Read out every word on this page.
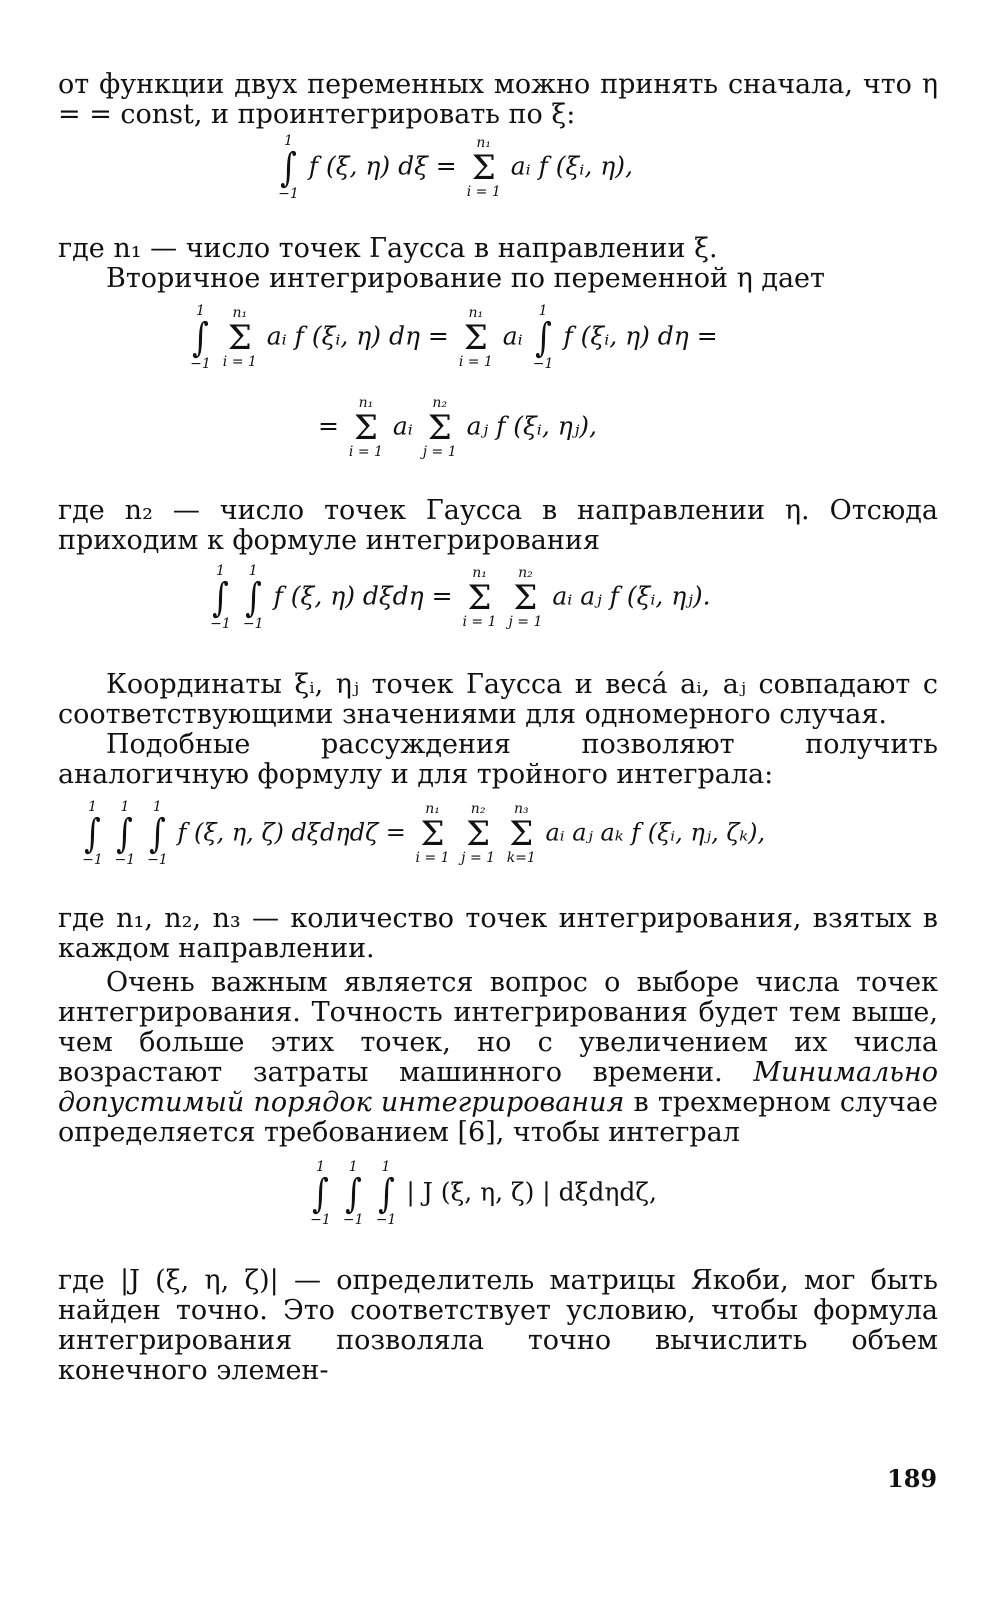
от функции двух переменных можно принять сначала, что η = = const, и проинтегрировать по ξ:

1
∫
−1
f (ξ, η) dξ =
n₁
Σ
i = 1
aᵢ f (ξᵢ, η),

где n₁ — число точек Гаусса в направлении ξ.

Вторичное интегрирование по переменной η дает

1
∫
−1

n₁
Σ
i = 1
aᵢ f (ξᵢ, η) dη =
n₁
Σ
i = 1
aᵢ
1
∫
−1
f (ξᵢ, η) dη =
=
n₁
Σ
i = 1
aᵢ
n₂
Σ
j = 1
aⱼ f (ξᵢ, ηⱼ),

где n₂ — число точек Гаусса в направлении η. Отсюда приходим к формуле интегрирования

1
∫
−1

1
∫
−1
f (ξ, η) dξdη =
n₁
Σ
i = 1

n₂
Σ
j = 1
aᵢ aⱼ f (ξᵢ, ηⱼ).

Координаты ξᵢ, ηⱼ точек Гаусса и весá aᵢ, aⱼ совпадают с соответствующими значениями для одномерного случая.

Подобные рассуждения позволяют получить аналогичную формулу и для тройного интеграла:

1
∫
−1

1
∫
−1

1
∫
−1
f (ξ, η, ζ) dξdηdζ =
n₁
Σ
i = 1

n₂
Σ
j = 1

n₃
Σ
k=1
aᵢ aⱼ aₖ f (ξᵢ, ηⱼ, ζₖ),

где n₁, n₂, n₃ — количество точек интегрирования, взятых в каждом направлении.

Очень важным является вопрос о выборе числа точек интегрирования. Точность интегрирования будет тем выше, чем больше этих точек, но с увеличением их числа возрастают затраты машинного времени. Минимально допустимый порядок интегрирования в трехмерном случае определяется требованием [6], чтобы интеграл

1
∫
−1

1
∫
−1

1
∫
−1
| J (ξ, η, ζ) | dξdηdζ,

где |J (ξ, η, ζ)| — определитель матрицы Якоби, мог быть найден точно. Это соответствует условию, чтобы формула интегрирования позволяла точно вычислить объем конечного элемен-

189
